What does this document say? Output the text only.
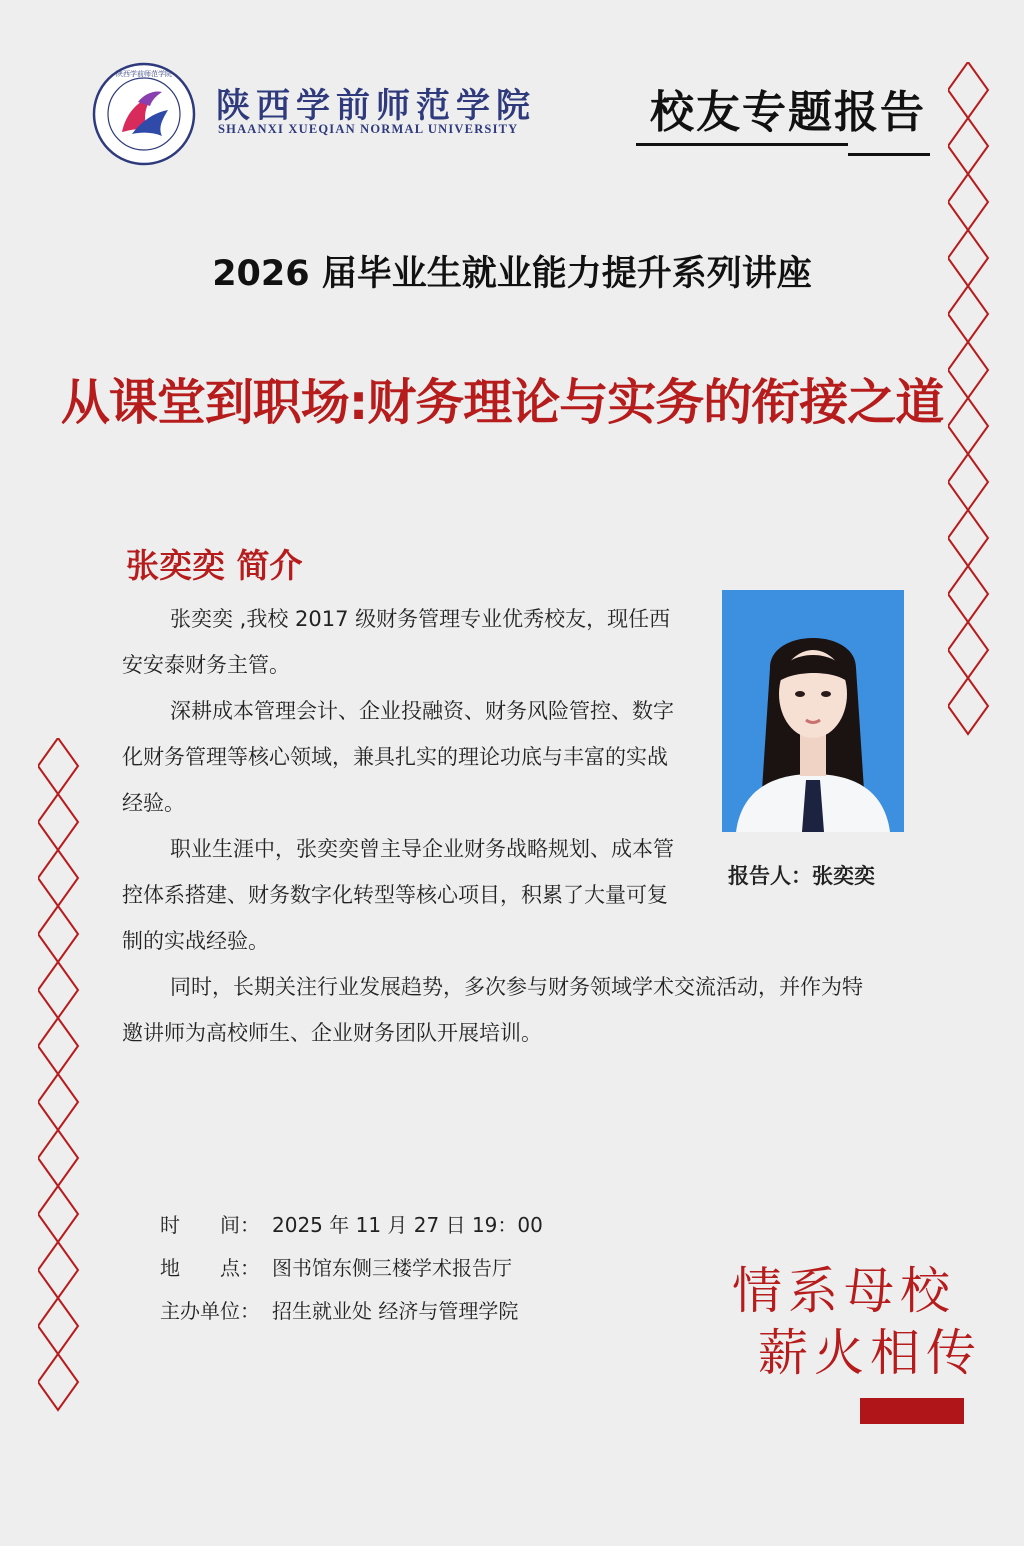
陕西学前师范学院
陕西学前师范学院
SHAANXI XUEQIAN NORMAL UNIVERSITY	校友专题报告
2026 届毕业生就业能力提升系列讲座
从课堂到职场:财务理论与实务的衔接之道
张奕奕 简介

张奕奕 ,我校 2017 级财务管理专业优秀校友，现任西安安泰财务主管。

深耕成本管理会计、企业投融资、财务风险管控、数字化财务管理等核心领域，兼具扎实的理论功底与丰富的实战经验。

职业生涯中，张奕奕曾主导企业财务战略规划、成本管控体系搭建、财务数字化转型等核心项目，积累了大量可复制的实战经验。

同时，长期关注行业发展趋势，多次参与财务领域学术交流活动，并作为特邀讲师为高校师生、企业财务团队开展培训。

报告人：张奕奕
时　　间： 2025 年 11 月 27 日 19：00
地　　点： 图书馆东侧三楼学术报告厅
主办单位： 招生就业处 经济与管理学院	情系母校
薪火相传
